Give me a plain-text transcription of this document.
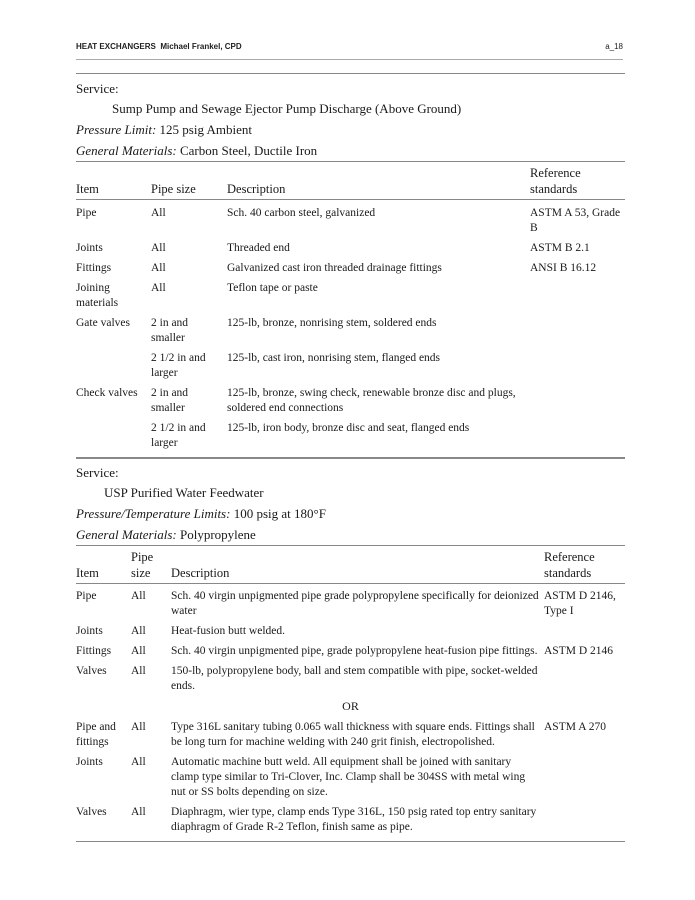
HEAT EXCHANGERS Michael Frankel, CPD	a_18
Service:
Sump Pump and Sewage Ejector Pump Discharge (Above Ground)
Pressure Limit: 125 psig Ambient
General Materials: Carbon Steel, Ductile Iron
Item	Pipe size	Description	Reference standards
Pipe	All	Sch. 40 carbon steel, galvanized	ASTM A 53, Grade B
Joints	All	Threaded end	ASTM B 2.1
Fittings	All	Galvanized cast iron threaded drainage fittings	ANSI B 16.12
Joining materials	All	Teflon tape or paste	
Gate valves	2 in and smaller	125-lb, bronze, nonrising stem, soldered ends	
	2 1/2 in and larger	125-lb, cast iron, nonrising stem, flanged ends	
Check valves	2 in and smaller	125-lb, bronze, swing check, renewable bronze disc and plugs, soldered end connections	
	2 1/2 in and larger	125-lb, iron body, bronze disc and seat, flanged ends	
Service:
USP Purified Water Feedwater
Pressure/Temperature Limits: 100 psig at 180°F
General Materials: Polypropylene
Item	Pipe size	Description	Reference standards
Pipe	All	Sch. 40 virgin unpigmented pipe grade polypropylene specifically for deionized water	ASTM D 2146, Type I
Joints	All	Heat-fusion butt welded.	
Fittings	All	Sch. 40 virgin unpigmented pipe, grade polypropylene heat-fusion pipe fittings.	ASTM D 2146
Valves	All	150-lb, polypropylene body, ball and stem compatible with pipe, socket-welded ends.	
OR			
Pipe and fittings	All	Type 316L sanitary tubing 0.065 wall thickness with square ends. Fittings shall be long turn for machine welding with 240 grit finish, electropolished.	ASTM A 270
Joints	All	Automatic machine butt weld. All equipment shall be joined with sanitary clamp type similar to Tri-Clover, Inc. Clamp shall be 304SS with metal wing nut or SS bolts depending on size.	
Valves	All	Diaphragm, wier type, clamp ends Type 316L, 150 psig rated top entry sanitary diaphragm of Grade R-2 Teflon, finish same as pipe.	
